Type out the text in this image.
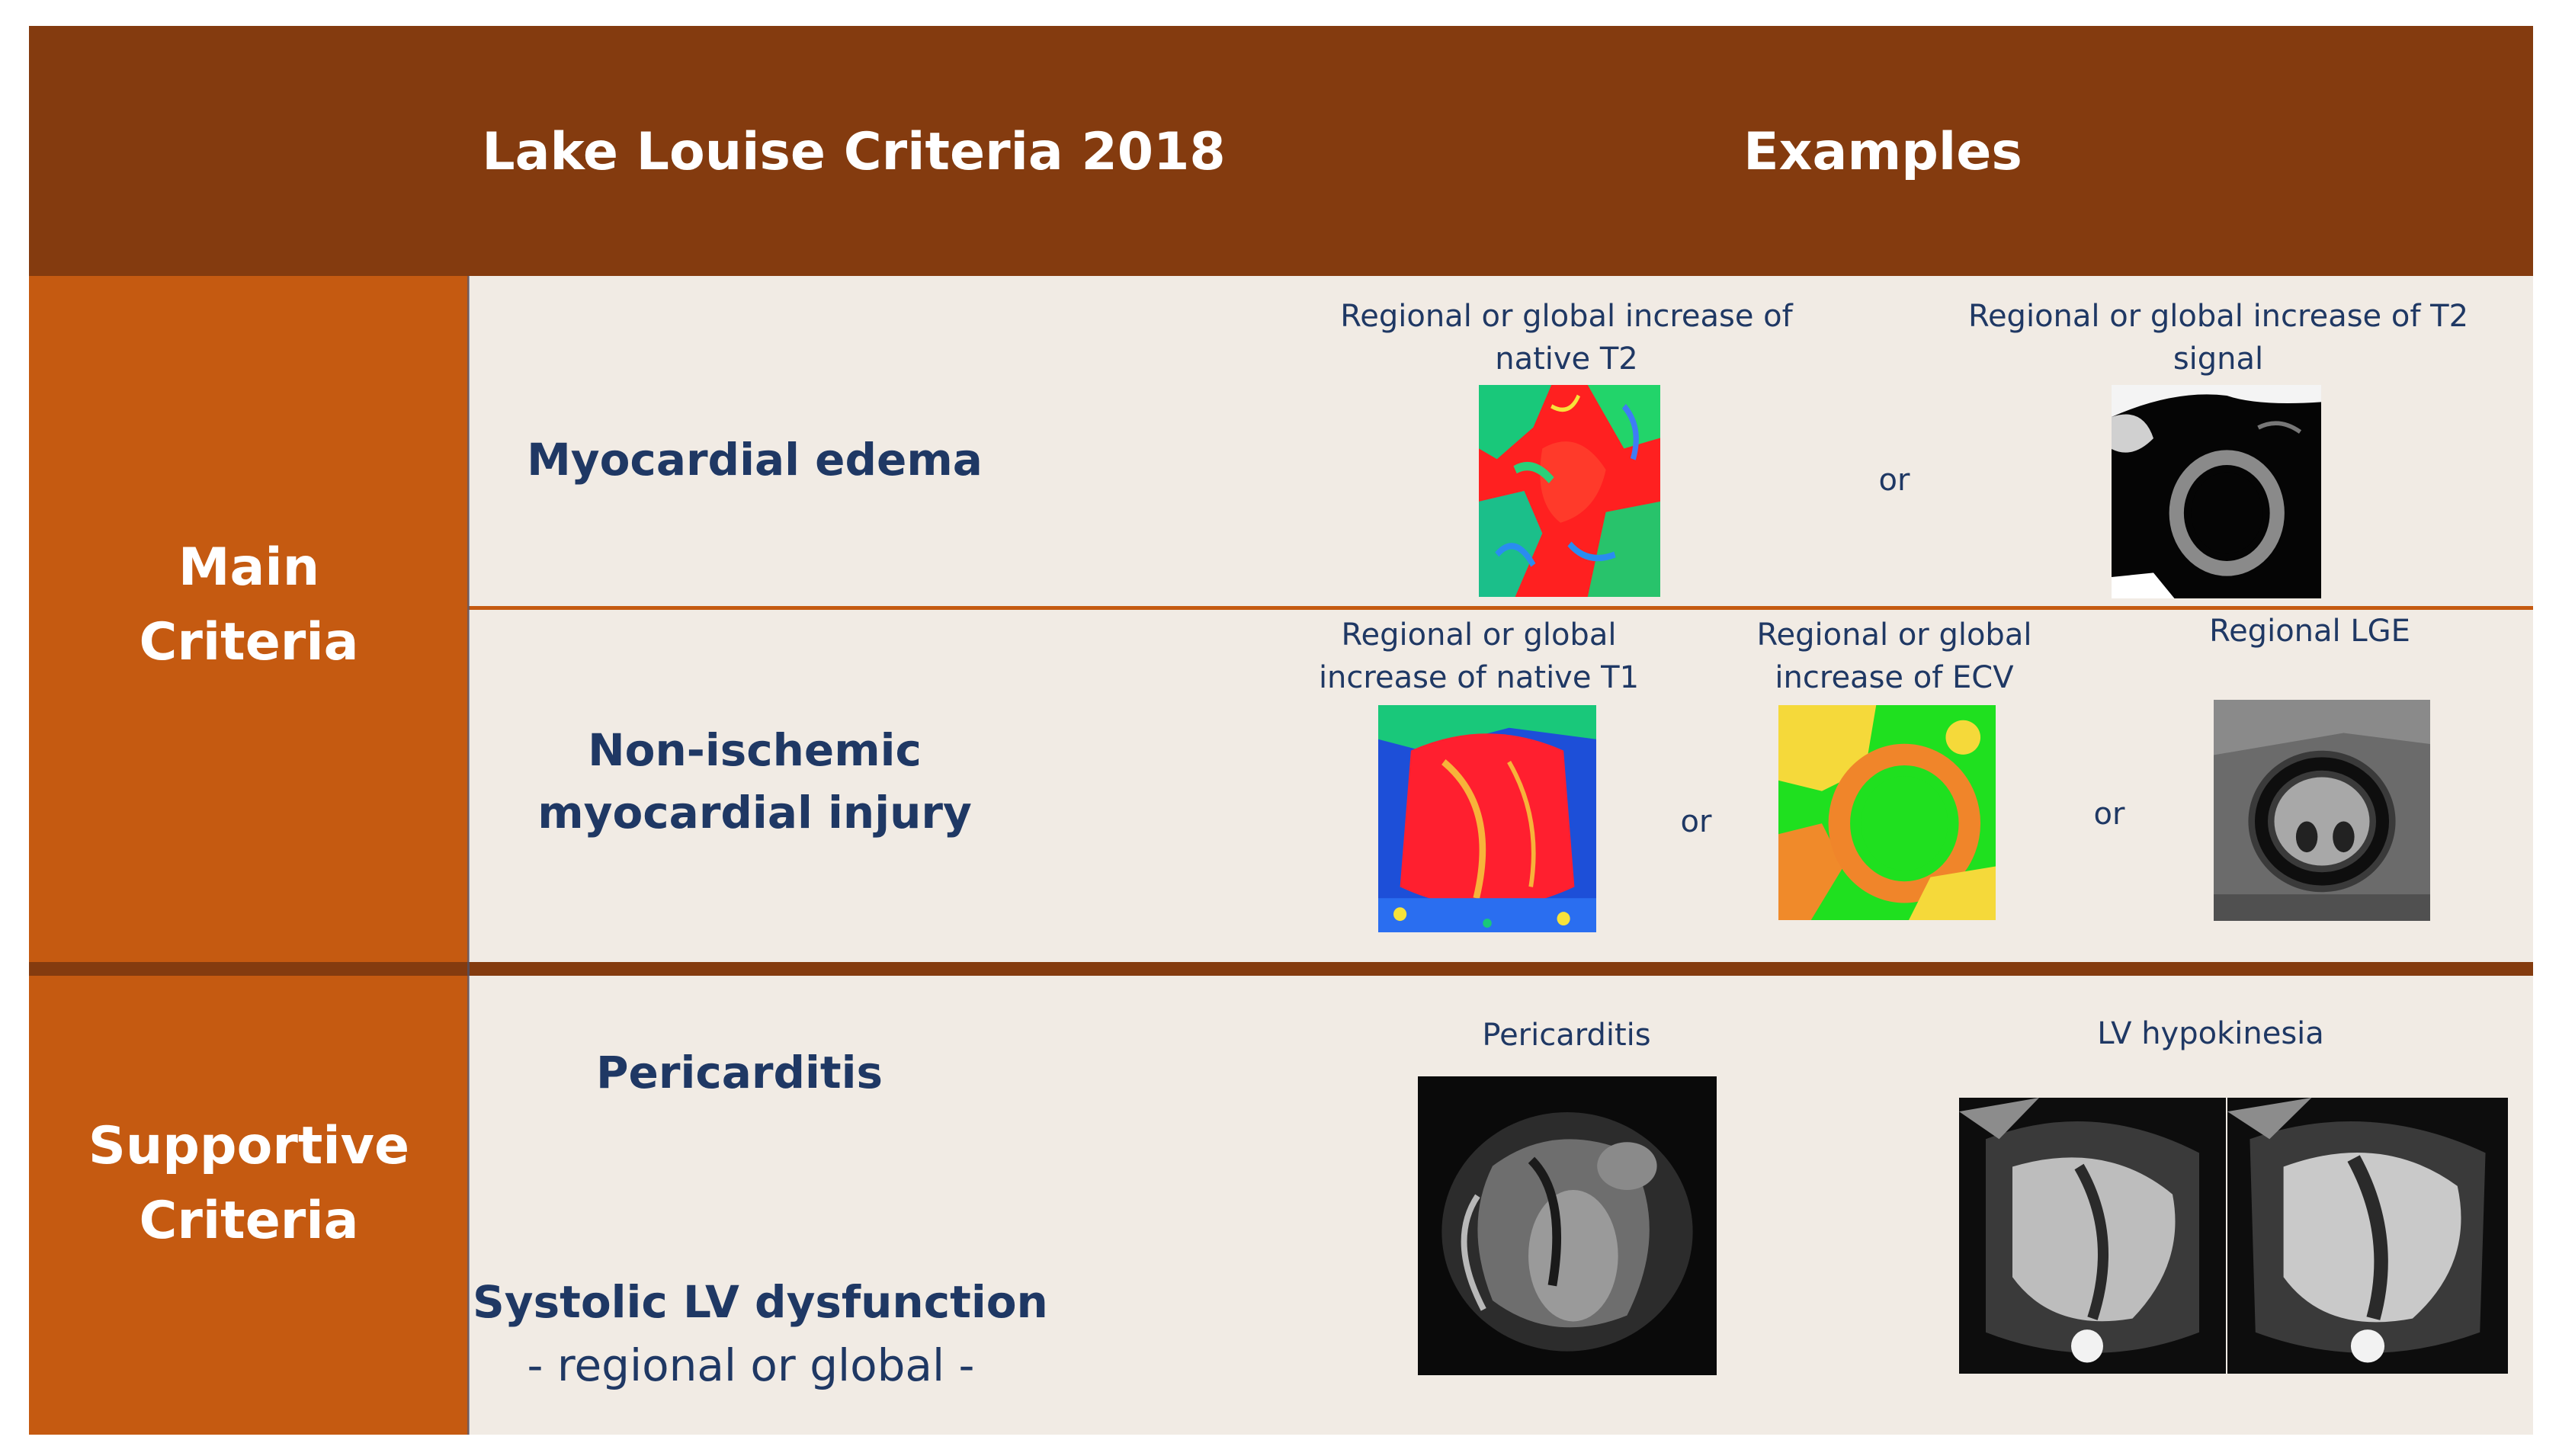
Lake Louise Criteria 2018	Examples
Main
Criteria
Supportive
Criteria
Myocardial edema
Regional or global increase of native T2
or
Regional or global increase of T2 signal
Non-ischemic
myocardial injury
Regional or global increase of native T1
or
Regional or global increase of ECV
or
Regional LGE
Pericarditis
Systolic LV dysfunction
- regional or global -
Pericarditis	LV hypokinesia
